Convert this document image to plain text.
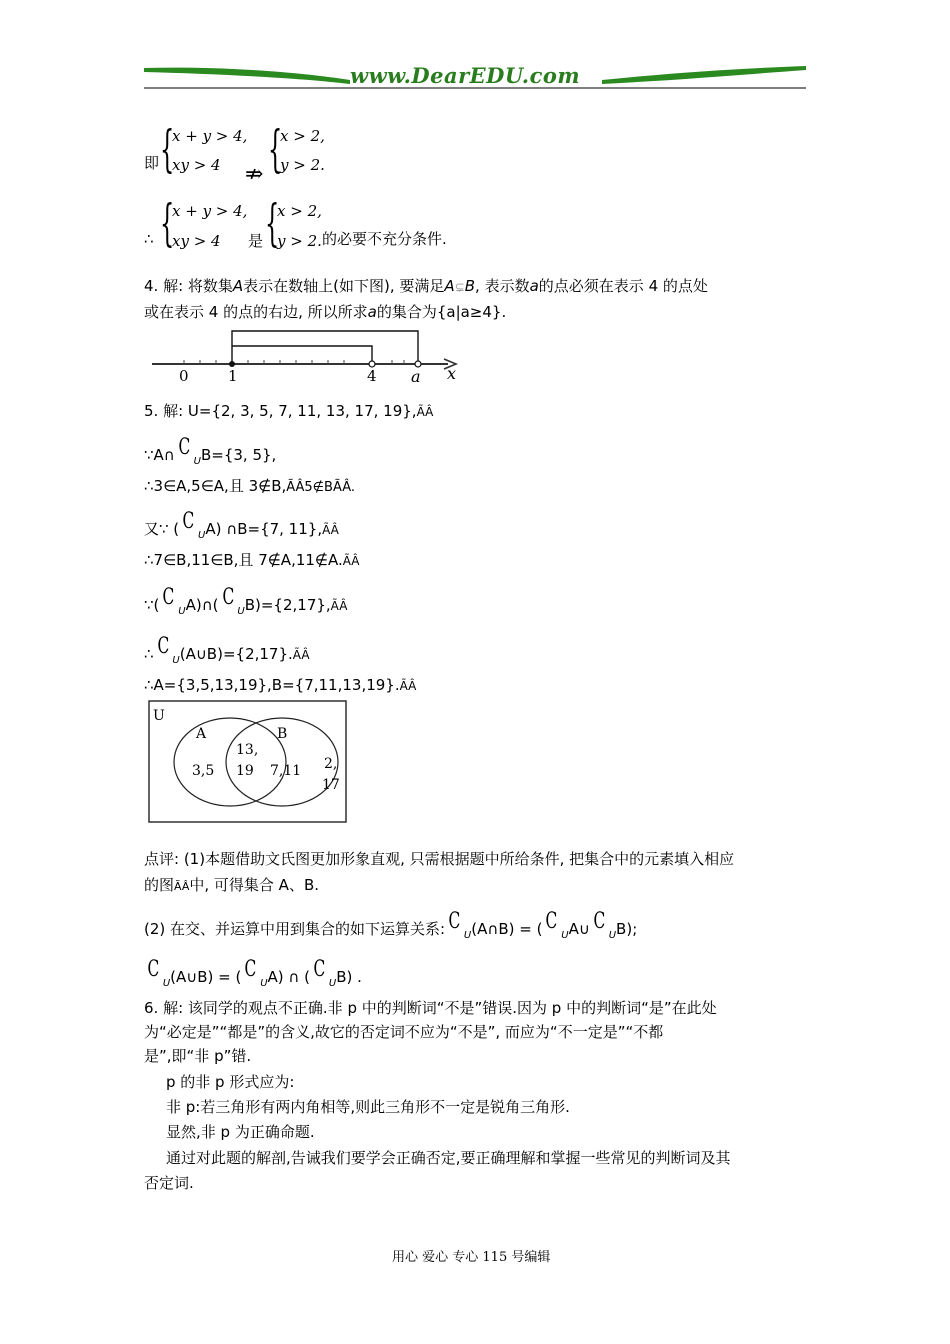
www.DearEDU.com
即 {
x + y > 4,
xy > 4 ⇏ {
x > 2,
y > 2.
∴ {
x + y > 4,
xy > 4 是 {
x > 2,
y > 2. 的必要不充分条件.
4. 解: 将数集A表示在数轴上(如下图), 要满足A⊊B, 表示数a的点必须在表示 4 的点处
或在表示 4 的点的右边, 所以所求a的集合为{a|a≥4}.
0	1	4 a x
5. 解: U={2, 3, 5, 7, 11, 13, 17, 19},ÃÂ
∵A∩ $C_UB=\{3$, 5},
∴3∈A,5∈A,且 3∉B,ÃÂ5∉BÃÂ.
又∵ ( $C_UA$) ∩B={7, 11},ÃÂ
∴7∈B,11∈B,且 7∉A,11∉A.ÃÂ
∵( $C_UA)\cap$( $C_UB)=\{2,17\},ÃÂ$
∴ $C_U(A\cup B)=\{2,17\}.ÃÂ$
∴A={3,5,13,19},B={7,11,13,19}.ÃÂ
U
A	B
3,5
13,
19 7,11 2,
17
点评: (1)本题借助文氏图更加形象直观, 只需根据题中所给条件, 把集合中的元素填入相应
的图ÃÂ中, 可得集合 A、B.
(2) 在交、并运算中用到集合的如下运算关系: $C_U(A\cap B)$ = ( $C_UA\cup$ $C_UB$);
$C_U(A\cup B)$ = ( $C_UA$) ∩ ( $C_UB$) .
6. 解: 该同学的观点不正确.非 p 中的判断词“不是”错误.因为 p 中的判断词“是”在此处
为“必定是”“都是”的含义,故它的否定词不应为“不是”, 而应为“不一定是”“不都
是”,即“非 p”错.
p 的非 p 形式应为:
非 p:若三角形有两内角相等,则此三角形不一定是锐角三角形.
显然,非 p 为正确命题.
通过对此题的解剖,告诫我们要学会正确否定,要正确理解和掌握一些常见的判断词及其
否定词.
用心 爱心 专心 115 号编辑
